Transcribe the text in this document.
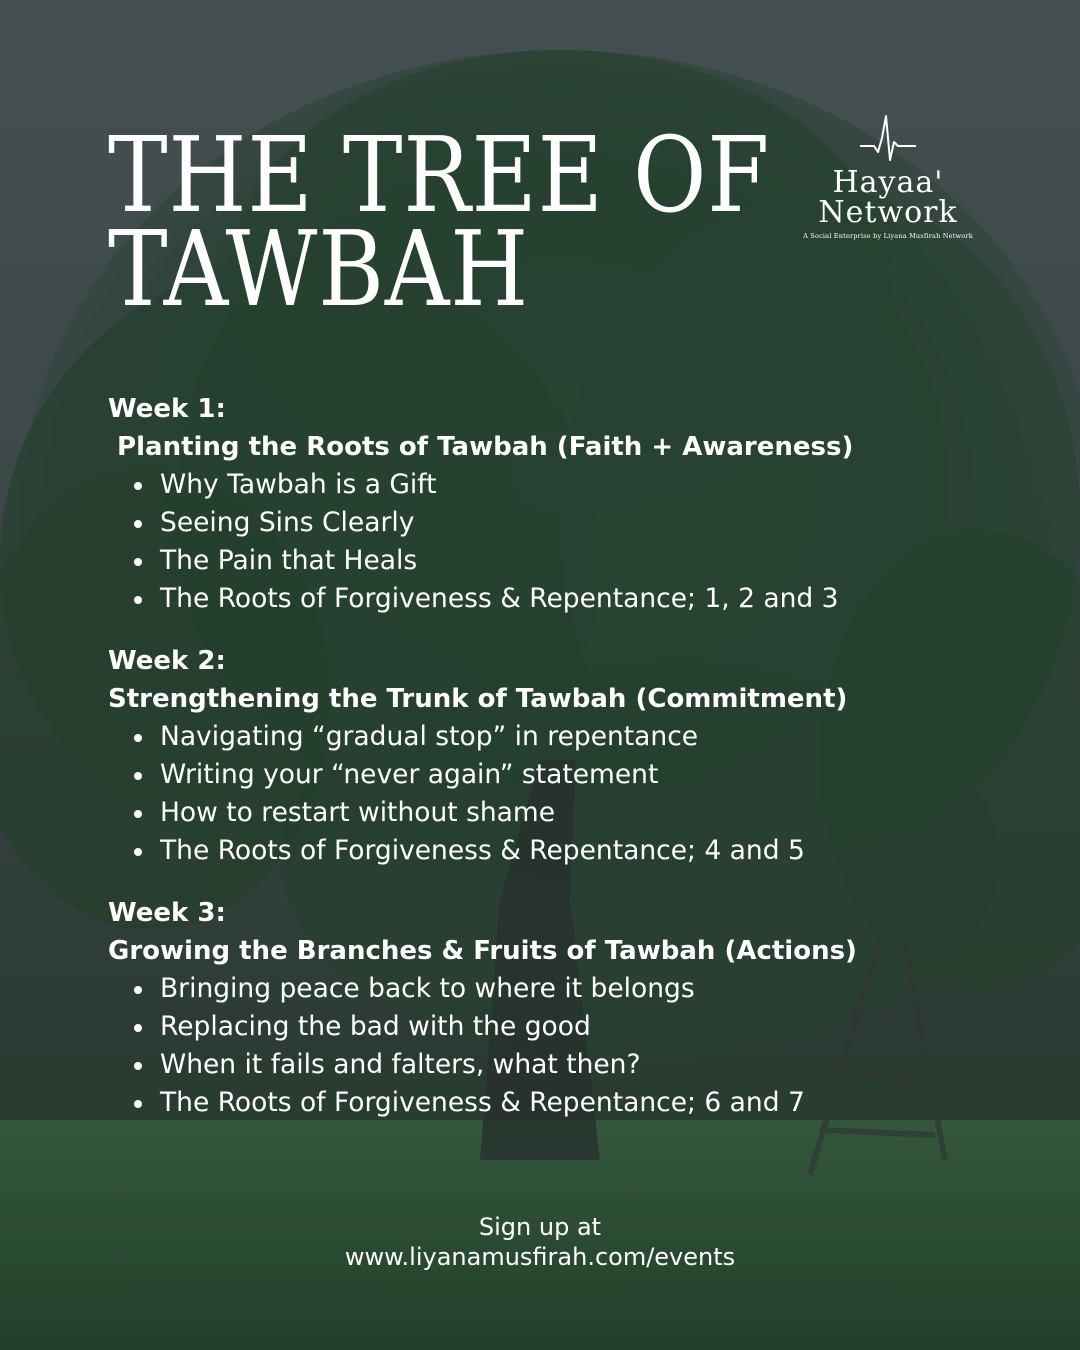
THE TREE OF
TAWBAH
Hayaa'
Network
A Social Enterprise by Liyana Musfirah Network

Week 1:

Planting the Roots of Tawbah (Faith + Awareness)

Why Tawbah is a Gift
Seeing Sins Clearly
The Pain that Heals
The Roots of Forgiveness & Repentance; 1, 2 and 3

Week 2:

Strengthening the Trunk of Tawbah (Commitment)

Navigating “gradual stop” in repentance
Writing your “never again” statement
How to restart without shame
The Roots of Forgiveness & Repentance; 4 and 5

Week 3:

Growing the Branches & Fruits of Tawbah (Actions)

Bringing peace back to where it belongs
Replacing the bad with the good
When it fails and falters, what then?
The Roots of Forgiveness & Repentance; 6 and 7
Sign up at
www.liyanamusfirah.com/events
